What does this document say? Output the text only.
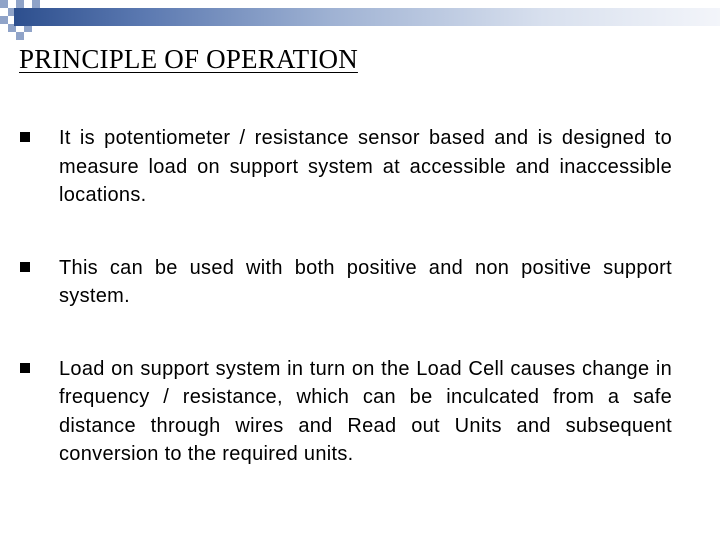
PRINCIPLE OF OPERATION
It is potentiometer / resistance sensor based and is designed to measure load on support system at accessible and inaccessible locations.
This can be used with both positive and non positive support system.
Load on support system in turn on the Load Cell causes change in frequency / resistance, which can be inculcated from a safe distance through wires and Read out Units and subsequent conversion to the required units.
